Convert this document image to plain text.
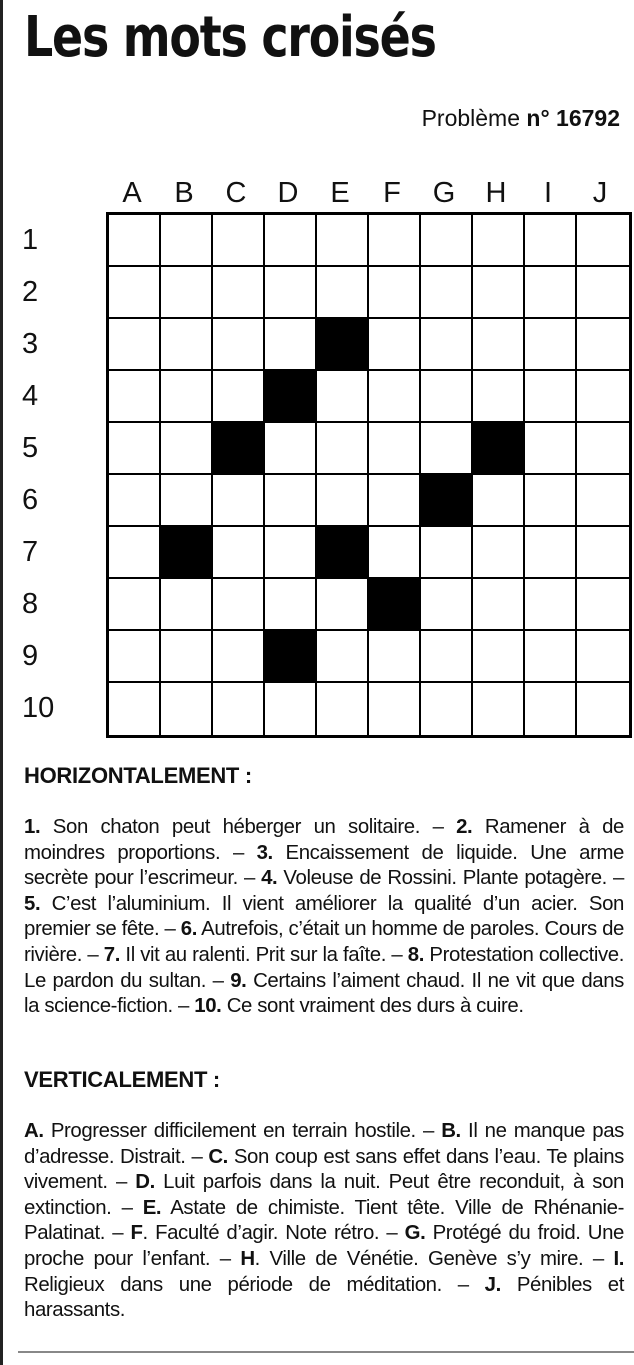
Les mots croisés
Problème n° 16792
A	B	C	D	E	F	G	H	I	J
1
2
3
4
5
6
7
8
9
10
HORIZONTALEMENT :
1. Son chaton peut héberger un solitaire. – 2. Ramener à de moindres proportions. – 3. Encaissement de liquide. Une arme secrète pour l’escrimeur. – 4. Voleuse de Rossini. Plante potagère. – 5. C’est l’aluminium. Il vient améliorer la qualité d’un acier. Son premier se fête. – 6. Autrefois, c’était un homme de paroles. Cours de rivière. – 7. Il vit au ralenti. Prit sur la faîte. – 8. Protestation collective. Le pardon du sultan. – 9. Certains l’aiment chaud. Il ne vit que dans la science-fiction. – 10. Ce sont vraiment des durs à cuire.
VERTICALEMENT :
A. Progresser difficilement en terrain hostile. – B. Il ne manque pas d’adresse. Distrait. – C. Son coup est sans effet dans l’eau. Te plains vivement. – D. Luit parfois dans la nuit. Peut être reconduit, à son extinction. – E. Astate de chimiste. Tient tête. Ville de Rhénanie-Palatinat. – F. Faculté d’agir. Note rétro. – G. Protégé du froid. Une proche pour l’enfant. – H. Ville de Vénétie. Genève s’y mire. – I. Religieux dans une période de méditation. – J. Pénibles et harassants.
